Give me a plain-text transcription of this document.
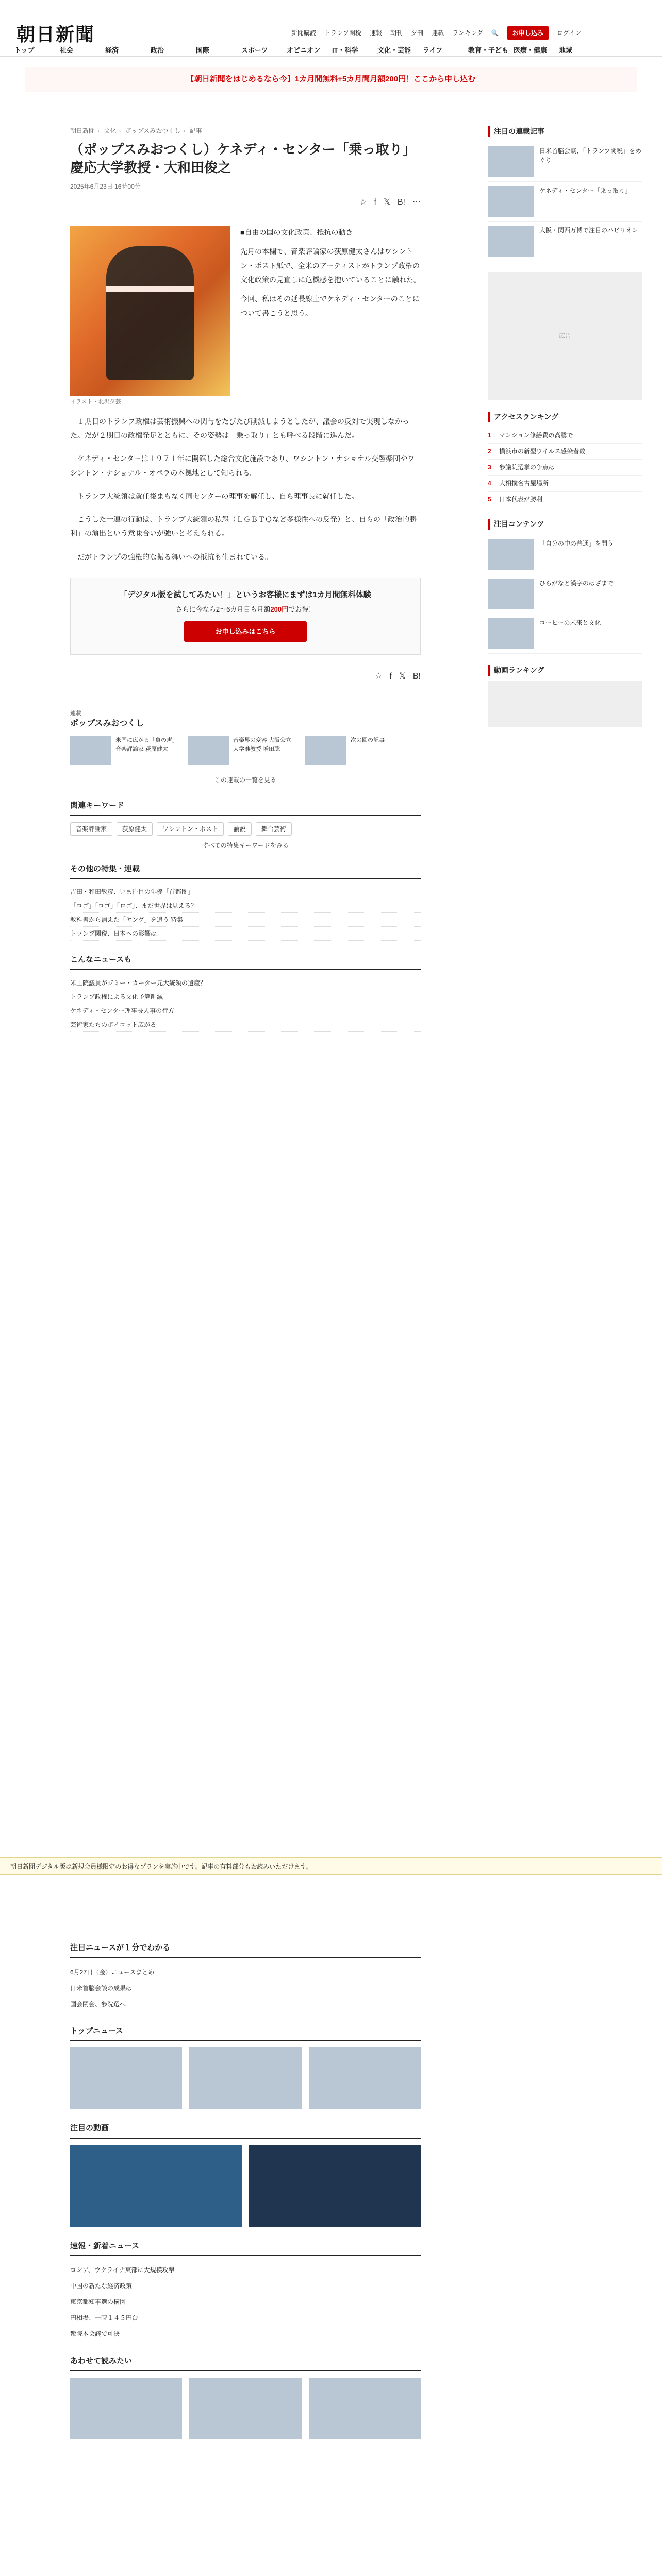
朝日新聞	新聞購読 トランプ関税 速報 朝刊 夕刊 連載 ランキング 🔍	お申し込み	ログイン
トップ	社会	経済	政治	国際	スポーツ	オピニオン	IT・科学	文化・芸能	ライフ	教育・子ども 医療・健康	地域
【朝日新聞をはじめるなら今】1カ月間無料+5カ月間月額200円！ここから申し込む
朝日新聞 › 文化 › ポップスみおつくし › 記事
（ポップスみおつくし）ケネディ・センター「乗っ取り」　慶応大学教授・大和田俊之
2025年6月23日 16時00分
☆ f 𝕏 B! ⋯
イラスト・北沢夕芸

■自由の国の文化政策、抵抗の動き

先月の本欄で、音楽評論家の荻原健太さんはワシントン・ポスト紙で、全米のアーティストがトランプ政権の文化政策の見直しに危機感を抱いていることに触れた。

今回、私はその延長線上でケネディ・センターのことについて書こうと思う。

１期目のトランプ政権は芸術振興への関与をたびたび削減しようとしたが、議会の反対で実現しなかった。だが２期目の政権発足とともに、その姿勢は「乗っ取り」とも呼べる段階に進んだ。

ケネディ・センターは１９７１年に開館した総合文化施設であり、ワシントン・ナショナル交響楽団やワシントン・ナショナル・オペラの本拠地として知られる。

トランプ大統領は就任後まもなく同センターの理事を解任し、自ら理事長に就任した。

こうした一連の行動は、トランプ大統領の私怨（ＬＧＢＴＱなど多様性への反発）と、自らの「政治的勝利」の演出という意味合いが強いと考えられる。

だがトランプの強権的な振る舞いへの抵抗も生まれている。

「デジタル版を試してみたい！」というお客様にまずは1カ月間無料体験
さらに今なら2〜6カ月目も月額200円でお得！
お申し込みはこちら
☆ f 𝕏 B!
連載
ポップスみおつくし
米国に広がる「負の声」 音楽評論家 荻原健太
音楽界の変容 大阪公立大学准教授 増田聡
次の回の記事
この連載の一覧を見る
関連キーワード
音楽評論家	荻原健太	ワシントン・ポスト	論説	舞台芸術
すべての特集キーワードをみる
その他の特集・連載
吉田・和田敏彦、いま注目の俳優「首都圏」
「ロゴ」「ロゴ」「ロゴ」、まだ世界は見える？
教科書から消えた「ヤング」を追う 特集
トランプ関税、日本への影響は
こんなニュースも
米上院議員がジミー・カーター元大統領の遺産？
トランプ政権による文化予算削減
ケネディ・センター理事長人事の行方
芸術家たちのボイコット広がる
注目の連載記事
日米首脳会談、「トランプ関税」をめぐり
ケネディ・センター「乗っ取り」
大阪・関西万博で注目のパビリオン
広告
アクセスランキング
1	マンション修繕費の高騰で
2	横浜市の新型ウイルス感染者数
3	参議院選挙の争点は
4	大相撲名古屋場所
5	日本代表が勝利
注目コンテンツ
「自分の中の普通」を問う
ひらがなと漢字のはざまで
コーヒーの未来と文化
動画ランキング
朝日新聞デジタル版は新規会員様限定のお得なプランを実施中です。記事の有料部分もお読みいただけます。
注目ニュースが１分でわかる
6月27日（金）ニュースまとめ
日米首脳会談の成果は
国会閉会、参院選へ
トップニュース
注目の動画
速報・新着ニュース
ロシア、ウクライナ東部に大規模攻撃
中国の新たな経済政策
東京都知事選の構図
円相場、一時１４５円台
衆院本会議で可決
あわせて読みたい
